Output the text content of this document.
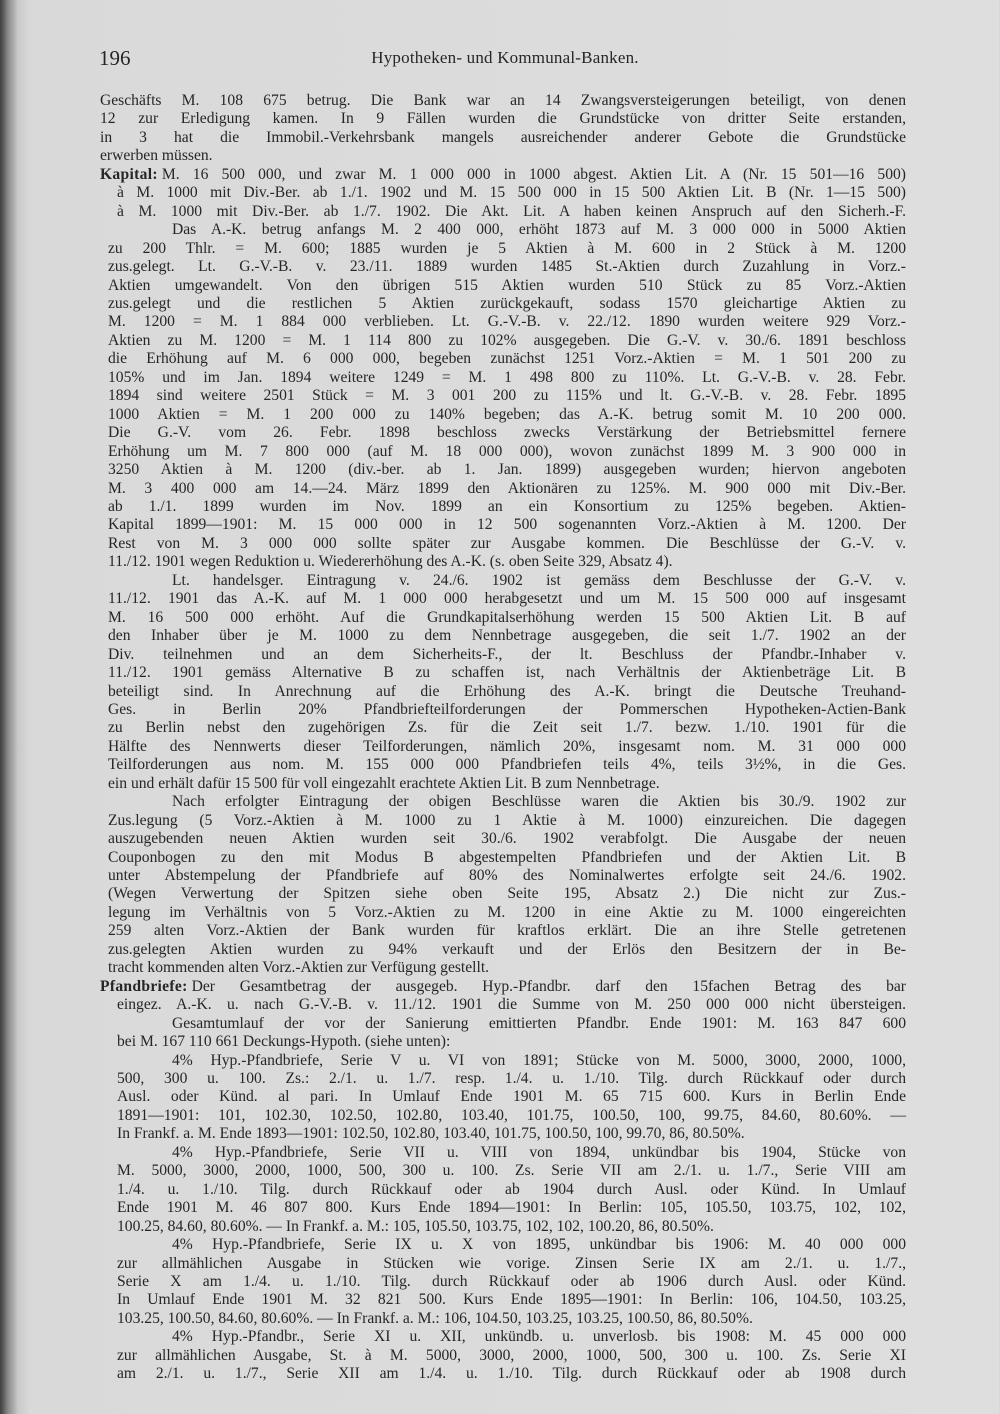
196	Hypotheken- und Kommunal-Banken.
Geschäfts M. 108 675 betrug. Die Bank war an 14 Zwangsversteigerungen beteiligt, von denen
12 zur Erledigung kamen. In 9 Fällen wurden die Grundstücke von dritter Seite erstanden,
in 3 hat die Immobil.-Verkehrsbank mangels ausreichender anderer Gebote die Grundstücke
erwerben müssen.
Kapital: M. 16 500 000, und zwar M. 1 000 000 in 1000 abgest. Aktien Lit. A (Nr. 15 501—16 500)
à M. 1000 mit Div.-Ber. ab 1./1. 1902 und M. 15 500 000 in 15 500 Aktien Lit. B (Nr. 1—15 500)
à M. 1000 mit Div.-Ber. ab 1./7. 1902. Die Akt. Lit. A haben keinen Anspruch auf den Sicherh.-F.
Das A.-K. betrug anfangs M. 2 400 000, erhöht 1873 auf M. 3 000 000 in 5000 Aktien
zu 200 Thlr. = M. 600; 1885 wurden je 5 Aktien à M. 600 in 2 Stück à M. 1200
zus.gelegt. Lt. G.-V.-B. v. 23./11. 1889 wurden 1485 St.-Aktien durch Zuzahlung in Vorz.-
Aktien umgewandelt. Von den übrigen 515 Aktien wurden 510 Stück zu 85 Vorz.-Aktien
zus.gelegt und die restlichen 5 Aktien zurückgekauft, sodass 1570 gleichartige Aktien zu
M. 1200 = M. 1 884 000 verblieben. Lt. G.-V.-B. v. 22./12. 1890 wurden weitere 929 Vorz.-
Aktien zu M. 1200 = M. 1 114 800 zu 102% ausgegeben. Die G.-V. v. 30./6. 1891 beschloss
die Erhöhung auf M. 6 000 000, begeben zunächst 1251 Vorz.-Aktien = M. 1 501 200 zu
105% und im Jan. 1894 weitere 1249 = M. 1 498 800 zu 110%. Lt. G.-V.-B. v. 28. Febr.
1894 sind weitere 2501 Stück = M. 3 001 200 zu 115% und lt. G.-V.-B. v. 28. Febr. 1895
1000 Aktien = M. 1 200 000 zu 140% begeben; das A.-K. betrug somit M. 10 200 000.
Die G.-V. vom 26. Febr. 1898 beschloss zwecks Verstärkung der Betriebsmittel fernere
Erhöhung um M. 7 800 000 (auf M. 18 000 000), wovon zunächst 1899 M. 3 900 000 in
3250 Aktien à M. 1200 (div.-ber. ab 1. Jan. 1899) ausgegeben wurden; hiervon angeboten
M. 3 400 000 am 14.—24. März 1899 den Aktionären zu 125%. M. 900 000 mit Div.-Ber.
ab 1./1. 1899 wurden im Nov. 1899 an ein Konsortium zu 125% begeben. Aktien-
Kapital 1899—1901: M. 15 000 000 in 12 500 sogenannten Vorz.-Aktien à M. 1200. Der
Rest von M. 3 000 000 sollte später zur Ausgabe kommen. Die Beschlüsse der G.-V. v.
11./12. 1901 wegen Reduktion u. Wiedererhöhung des A.-K. (s. oben Seite 329, Absatz 4).
Lt. handelsger. Eintragung v. 24./6. 1902 ist gemäss dem Beschlusse der G.-V. v.
11./12. 1901 das A.-K. auf M. 1 000 000 herabgesetzt und um M. 15 500 000 auf insgesamt
M. 16 500 000 erhöht. Auf die Grundkapitalserhöhung werden 15 500 Aktien Lit. B auf
den Inhaber über je M. 1000 zu dem Nennbetrage ausgegeben, die seit 1./7. 1902 an der
Div. teilnehmen und an dem Sicherheits-F., der lt. Beschluss der Pfandbr.-Inhaber v.
11./12. 1901 gemäss Alternative B zu schaffen ist, nach Verhältnis der Aktienbeträge Lit. B
beteiligt sind. In Anrechnung auf die Erhöhung des A.-K. bringt die Deutsche Treuhand-
Ges. in Berlin 20% Pfandbriefteilforderungen der Pommerschen Hypotheken-Actien-Bank
zu Berlin nebst den zugehörigen Zs. für die Zeit seit 1./7. bezw. 1./10. 1901 für die
Hälfte des Nennwerts dieser Teilforderungen, nämlich 20%, insgesamt nom. M. 31 000 000
Teilforderungen aus nom. M. 155 000 000 Pfandbriefen teils 4%, teils 3½%, in die Ges.
ein und erhält dafür 15 500 für voll eingezahlt erachtete Aktien Lit. B zum Nennbetrage.
Nach erfolgter Eintragung der obigen Beschlüsse waren die Aktien bis 30./9. 1902 zur
Zus.legung (5 Vorz.-Aktien à M. 1000 zu 1 Aktie à M. 1000) einzureichen. Die dagegen
auszugebenden neuen Aktien wurden seit 30./6. 1902 verabfolgt. Die Ausgabe der neuen
Couponbogen zu den mit Modus B abgestempelten Pfandbriefen und der Aktien Lit. B
unter Abstempelung der Pfandbriefe auf 80% des Nominalwertes erfolgte seit 24./6. 1902.
(Wegen Verwertung der Spitzen siehe oben Seite 195, Absatz 2.) Die nicht zur Zus.-
legung im Verhältnis von 5 Vorz.-Aktien zu M. 1200 in eine Aktie zu M. 1000 eingereichten
259 alten Vorz.-Aktien der Bank wurden für kraftlos erklärt. Die an ihre Stelle getretenen
zus.gelegten Aktien wurden zu 94% verkauft und der Erlös den Besitzern der in Be-
tracht kommenden alten Vorz.-Aktien zur Verfügung gestellt.
Pfandbriefe: Der Gesamtbetrag der ausgegeb. Hyp.-Pfandbr. darf den 15fachen Betrag des bar
eingez. A.-K. u. nach G.-V.-B. v. 11./12. 1901 die Summe von M. 250 000 000 nicht übersteigen.
Gesamtumlauf der vor der Sanierung emittierten Pfandbr. Ende 1901: M. 163 847 600
bei M. 167 110 661 Deckungs-Hypoth. (siehe unten):
4% Hyp.-Pfandbriefe, Serie V u. VI von 1891; Stücke von M. 5000, 3000, 2000, 1000,
500, 300 u. 100. Zs.: 2./1. u. 1./7. resp. 1./4. u. 1./10. Tilg. durch Rückkauf oder durch
Ausl. oder Künd. al pari. In Umlauf Ende 1901 M. 65 715 600. Kurs in Berlin Ende
1891—1901: 101, 102.30, 102.50, 102.80, 103.40, 101.75, 100.50, 100, 99.75, 84.60, 80.60%. —
In Frankf. a. M. Ende 1893—1901: 102.50, 102.80, 103.40, 101.75, 100.50, 100, 99.70, 86, 80.50%.
4% Hyp.-Pfandbriefe, Serie VII u. VIII von 1894, unkündbar bis 1904, Stücke von
M. 5000, 3000, 2000, 1000, 500, 300 u. 100. Zs. Serie VII am 2./1. u. 1./7., Serie VIII am
1./4. u. 1./10. Tilg. durch Rückkauf oder ab 1904 durch Ausl. oder Künd. In Umlauf
Ende 1901 M. 46 807 800. Kurs Ende 1894—1901: In Berlin: 105, 105.50, 103.75, 102, 102,
100.25, 84.60, 80.60%. — In Frankf. a. M.: 105, 105.50, 103.75, 102, 102, 100.20, 86, 80.50%.
4% Hyp.-Pfandbriefe, Serie IX u. X von 1895, unkündbar bis 1906: M. 40 000 000
zur allmählichen Ausgabe in Stücken wie vorige. Zinsen Serie IX am 2./1. u. 1./7.,
Serie X am 1./4. u. 1./10. Tilg. durch Rückkauf oder ab 1906 durch Ausl. oder Künd.
In Umlauf Ende 1901 M. 32 821 500. Kurs Ende 1895—1901: In Berlin: 106, 104.50, 103.25,
103.25, 100.50, 84.60, 80.60%. — In Frankf. a. M.: 106, 104.50, 103.25, 103.25, 100.50, 86, 80.50%.
4% Hyp.-Pfandbr., Serie XI u. XII, unkündb. u. unverlosb. bis 1908: M. 45 000 000
zur allmählichen Ausgabe, St. à M. 5000, 3000, 2000, 1000, 500, 300 u. 100. Zs. Serie XI
am 2./1. u. 1./7., Serie XII am 1./4. u. 1./10. Tilg. durch Rückkauf oder ab 1908 durch
